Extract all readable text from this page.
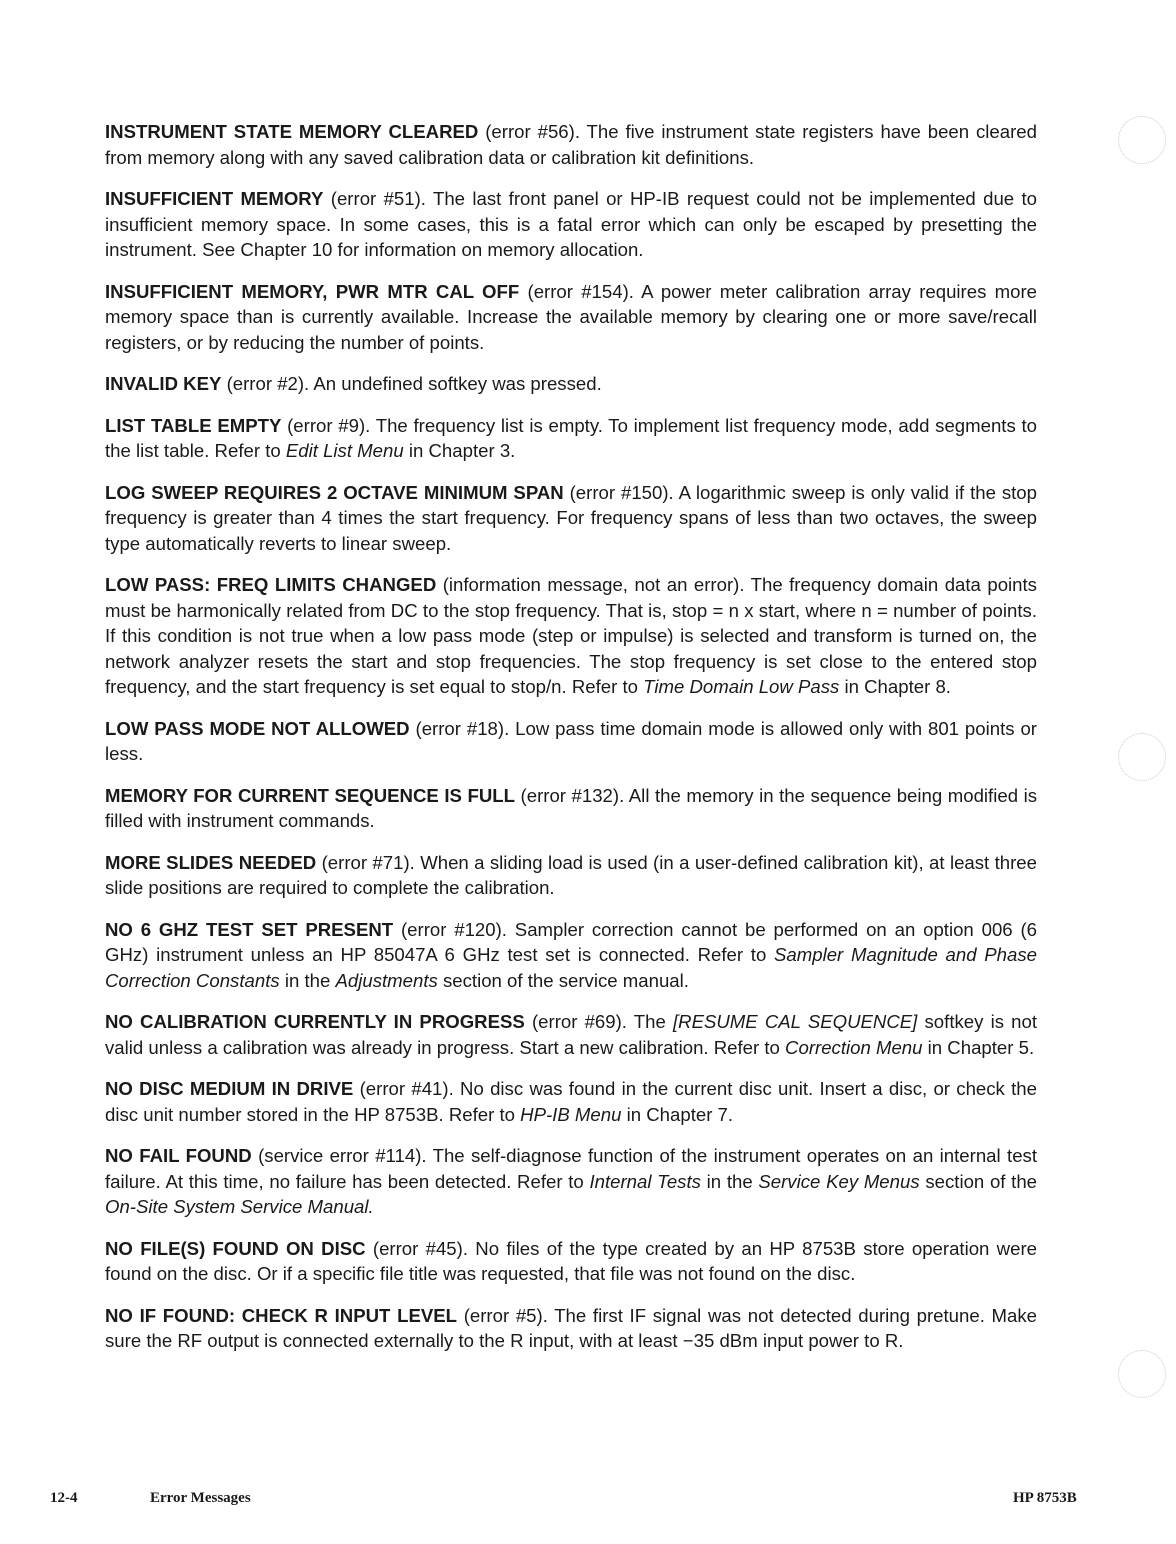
INSTRUMENT STATE MEMORY CLEARED (error #56). The five instrument state registers have been cleared from memory along with any saved calibration data or calibration kit definitions.

INSUFFICIENT MEMORY (error #51). The last front panel or HP-IB request could not be implemented due to insufficient memory space. In some cases, this is a fatal error which can only be escaped by presetting the instrument. See Chapter 10 for information on memory allocation.

INSUFFICIENT MEMORY, PWR MTR CAL OFF (error #154). A power meter calibration array requires more memory space than is currently available. Increase the available memory by clearing one or more save/recall registers, or by reducing the number of points.

INVALID KEY (error #2). An undefined softkey was pressed.

LIST TABLE EMPTY (error #9). The frequency list is empty. To implement list frequency mode, add segments to the list table. Refer to Edit List Menu in Chapter 3.

LOG SWEEP REQUIRES 2 OCTAVE MINIMUM SPAN (error #150). A logarithmic sweep is only valid if the stop frequency is greater than 4 times the start frequency. For frequency spans of less than two octaves, the sweep type automatically reverts to linear sweep.

LOW PASS: FREQ LIMITS CHANGED (information message, not an error). The frequency domain data points must be harmonically related from DC to the stop frequency. That is, stop = n x start, where n = number of points. If this condition is not true when a low pass mode (step or impulse) is selected and transform is turned on, the network analyzer resets the start and stop frequencies. The stop frequency is set close to the entered stop frequency, and the start frequency is set equal to stop/n. Refer to Time Domain Low Pass in Chapter 8.

LOW PASS MODE NOT ALLOWED (error #18). Low pass time domain mode is allowed only with 801 points or less.

MEMORY FOR CURRENT SEQUENCE IS FULL (error #132). All the memory in the sequence being modified is filled with instrument commands.

MORE SLIDES NEEDED (error #71). When a sliding load is used (in a user-defined calibration kit), at least three slide positions are required to complete the calibration.

NO 6 GHZ TEST SET PRESENT (error #120). Sampler correction cannot be performed on an option 006 (6 GHz) instrument unless an HP 85047A 6 GHz test set is connected. Refer to Sampler Magnitude and Phase Correction Constants in the Adjustments section of the service manual.

NO CALIBRATION CURRENTLY IN PROGRESS (error #69). The [RESUME CAL SEQUENCE] softkey is not valid unless a calibration was already in progress. Start a new calibration. Refer to Correction Menu in Chapter 5.

NO DISC MEDIUM IN DRIVE (error #41). No disc was found in the current disc unit. Insert a disc, or check the disc unit number stored in the HP 8753B. Refer to HP-IB Menu in Chapter 7.

NO FAIL FOUND (service error #114). The self-diagnose function of the instrument operates on an internal test failure. At this time, no failure has been detected. Refer to Internal Tests in the Service Key Menus section of the On-Site System Service Manual.

NO FILE(S) FOUND ON DISC (error #45). No files of the type created by an HP 8753B store operation were found on the disc. Or if a specific file title was requested, that file was not found on the disc.

NO IF FOUND: CHECK R INPUT LEVEL (error #5). The first IF signal was not detected during pretune. Make sure the RF output is connected externally to the R input, with at least −35 dBm input power to R.

12-4	Error Messages	HP 8753B
